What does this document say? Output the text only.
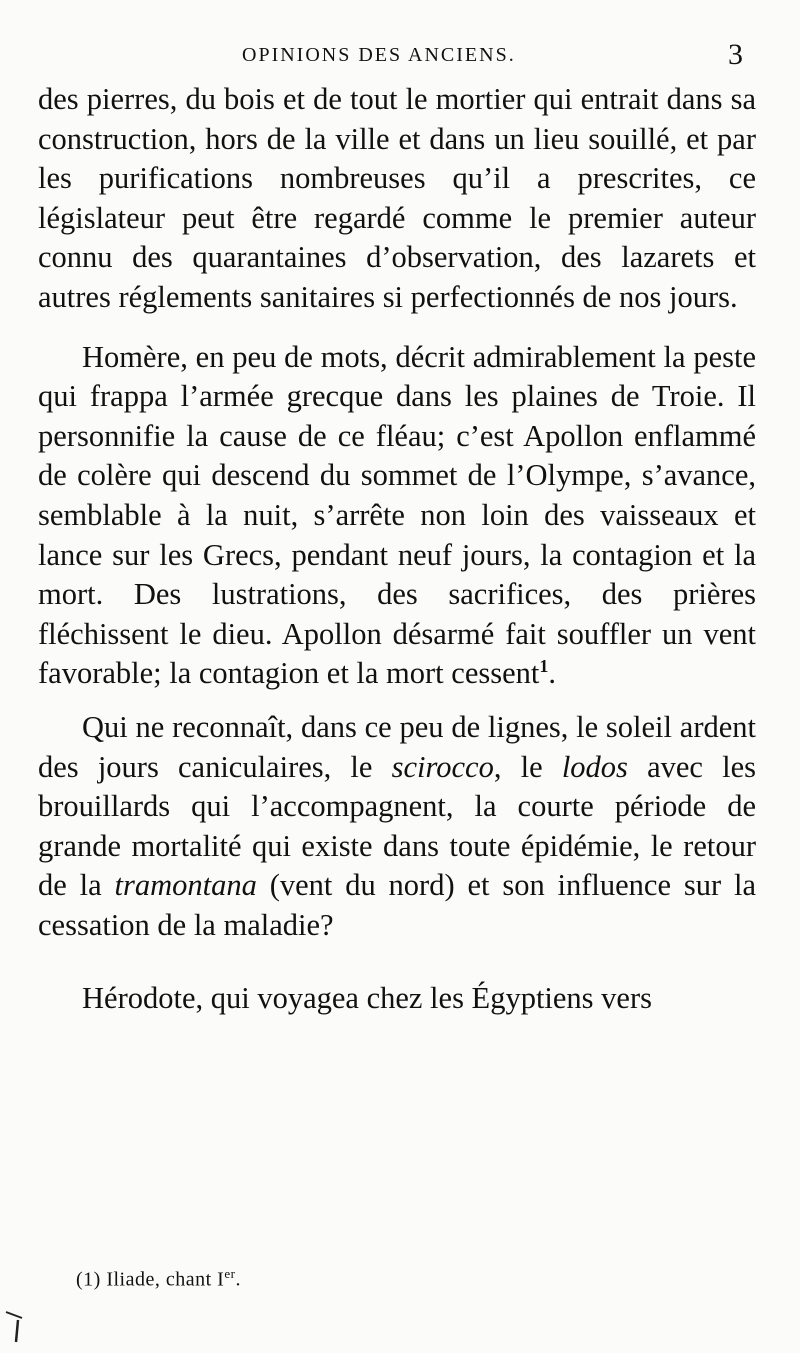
OPINIONS DES ANCIENS.	3

des pierres, du bois et de tout le mortier qui entrait dans sa construction, hors de la ville et dans un lieu souillé, et par les purifications nombreuses qu’il a prescrites, ce législateur peut être regardé comme le premier auteur connu des quarantaines d’observation, des lazarets et autres réglements sanitaires si perfectionnés de nos jours.

Homère, en peu de mots, décrit admirablement la peste qui frappa l’armée grecque dans les plaines de Troie. Il personnifie la cause de ce fléau; c’est Apollon enflammé de colère qui descend du sommet de l’Olympe, s’avance, semblable à la nuit, s’arrête non loin des vaisseaux et lance sur les Grecs, pendant neuf jours, la contagion et la mort. Des lustrations, des sacrifices, des prières fléchissent le dieu. Apollon désarmé fait souffler un vent favorable; la contagion et la mort cessent$^1$.

Qui ne reconnaît, dans ce peu de lignes, le soleil ardent des jours caniculaires, le scirocco, le lodos avec les brouillards qui l’accompagnent, la courte période de grande mortalité qui existe dans toute épidémie, le retour de la tramontana (vent du nord) et son influence sur la cessation de la maladie?

Hérodote, qui voyagea chez les Égyptiens vers

(1) Iliade, chant Ier.
